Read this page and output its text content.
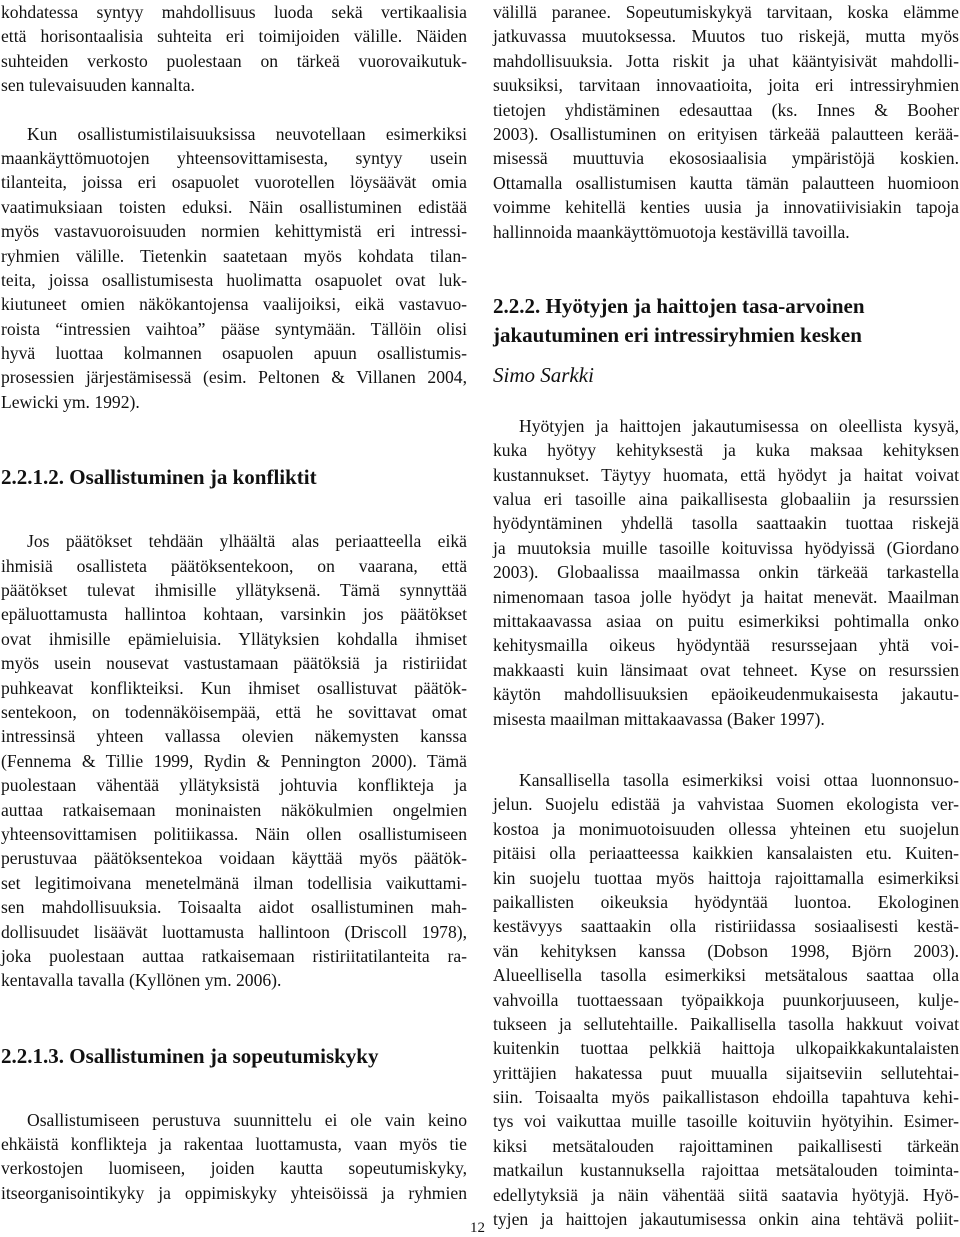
kohdatessa syntyy mahdollisuus luoda sekä vertikaalisia
että horisontaalisia suhteita eri toimijoiden välille. Näiden
suhteiden verkosto puolestaan on tärkeä vuorovaikutuk-
sen tulevaisuuden kannalta.
Kun osallistumistilaisuuksissa neuvotellaan esimerkiksi
maankäyttömuotojen yhteensovittamisesta, syntyy usein
tilanteita, joissa eri osapuolet vuorotellen löysäävät omia
vaatimuksiaan toisten eduksi. Näin osallistuminen edistää
myös vastavuoroisuuden normien kehittymistä eri intressi-
ryhmien välille. Tietenkin saatetaan myös kohdata tilan-
teita, joissa osallistumisesta huolimatta osapuolet ovat luk-
kiutuneet omien näkökantojensa vaalijoiksi, eikä vastavuo-
roista “intressien vaihtoa” pääse syntymään. Tällöin olisi
hyvä luottaa kolmannen osapuolen apuun osallistumis-
prosessien järjestämisessä (esim. Peltonen & Villanen 2004,
Lewicki ym. 1992).
2.2.1.2. Osallistuminen ja konfliktit
Jos päätökset tehdään ylhäältä alas periaatteella eikä
ihmisiä osallisteta päätöksentekoon, on vaarana, että
päätökset tulevat ihmisille yllätyksenä. Tämä synnyttää
epäluottamusta hallintoa kohtaan, varsinkin jos päätökset
ovat ihmisille epämieluisia. Yllätyksien kohdalla ihmiset
myös usein nousevat vastustamaan päätöksiä ja ristiriidat
puhkeavat konflikteiksi. Kun ihmiset osallistuvat päätök-
sentekoon, on todennäköisempää, että he sovittavat omat
intressinsä yhteen vallassa olevien näkemysten kanssa
(Fennema & Tillie 1999, Rydin & Pennington 2000). Tämä
puolestaan vähentää yllätyksistä johtuvia konflikteja ja
auttaa ratkaisemaan moninaisten näkökulmien ongelmien
yhteensovittamisen politiikassa. Näin ollen osallistumiseen
perustuvaa päätöksentekoa voidaan käyttää myös päätök-
set legitimoivana menetelmänä ilman todellisia vaikuttami-
sen mahdollisuuksia. Toisaalta aidot osallistuminen mah-
dollisuudet lisäävät luottamusta hallintoon (Driscoll 1978),
joka puolestaan auttaa ratkaisemaan ristiriitatilanteita ra-
kentavalla tavalla (Kyllönen ym. 2006).
2.2.1.3. Osallistuminen ja sopeutumiskyky
Osallistumiseen perustuva suunnittelu ei ole vain keino
ehkäistä konflikteja ja rakentaa luottamusta, vaan myös tie
verkostojen luomiseen, joiden kautta sopeutumiskyky,
itseorganisointikyky ja oppimiskyky yhteisöissä ja ryhmien
välillä paranee. Sopeutumiskykyä tarvitaan, koska elämme
jatkuvassa muutoksessa. Muutos tuo riskejä, mutta myös
mahdollisuuksia. Jotta riskit ja uhat kääntyisivät mahdolli-
suuksiksi, tarvitaan innovaatioita, joita eri intressiryhmien
tietojen yhdistäminen edesauttaa (ks. Innes & Booher
2003). Osallistuminen on erityisen tärkeää palautteen kerää-
misessä muuttuvia ekososiaalisia ympäristöjä koskien.
Ottamalla osallistumisen kautta tämän palautteen huomioon
voimme kehitellä kenties uusia ja innovatiivisiakin tapoja
hallinnoida maankäyttömuotoja kestävillä tavoilla.
2.2.2. Hyötyjen ja haittojen tasa-arvoinen
jakautuminen eri intressiryhmien kesken
Simo Sarkki
Hyötyjen ja haittojen jakautumisessa on oleellista kysyä,
kuka hyötyy kehityksestä ja kuka maksaa kehityksen
kustannukset. Täytyy huomata, että hyödyt ja haitat voivat
valua eri tasoille aina paikallisesta globaaliin ja resurssien
hyödyntäminen yhdellä tasolla saattaakin tuottaa riskejä
ja muutoksia muille tasoille koituvissa hyödyissä (Giordano
2003). Globaalissa maailmassa onkin tärkeää tarkastella
nimenomaan tasoa jolle hyödyt ja haitat menevät. Maailman
mittakaavassa asiaa on puitu esimerkiksi pohtimalla onko
kehitysmailla oikeus hyödyntää resurssejaan yhtä voi-
makkaasti kuin länsimaat ovat tehneet. Kyse on resurssien
käytön mahdollisuuksien epäoikeudenmukaisesta jakautu-
misesta maailman mittakaavassa (Baker 1997).
Kansallisella tasolla esimerkiksi voisi ottaa luonnonsuo-
jelun. Suojelu edistää ja vahvistaa Suomen ekologista ver-
kostoa ja monimuotoisuuden ollessa yhteinen etu suojelun
pitäisi olla periaatteessa kaikkien kansalaisten etu. Kuiten-
kin suojelu tuottaa myös haittoja rajoittamalla esimerkiksi
paikallisten oikeuksia hyödyntää luontoa. Ekologinen
kestävyys saattaakin olla ristiriidassa sosiaalisesti kestä-
vän kehityksen kanssa (Dobson 1998, Björn 2003).
Alueellisella tasolla esimerkiksi metsätalous saattaa olla
vahvoilla tuottaessaan työpaikkoja puunkorjuuseen, kulje-
tukseen ja sellutehtaille. Paikallisella tasolla hakkuut voivat
kuitenkin tuottaa pelkkiä haittoja ulkopaikkakuntalaisten
yrittäjien hakatessa puut muualla sijaitseviin sellutehtai-
siin. Toisaalta myös paikallistason ehdoilla tapahtuva kehi-
tys voi vaikuttaa muille tasoille koituviin hyötyihin. Esimer-
kiksi metsätalouden rajoittaminen paikallisesti tärkeän
matkailun kustannuksella rajoittaa metsätalouden toiminta-
edellytyksiä ja näin vähentää siitä saatavia hyötyjä. Hyö-
tyjen ja haittojen jakautumisessa onkin aina tehtävä poliit-
12
